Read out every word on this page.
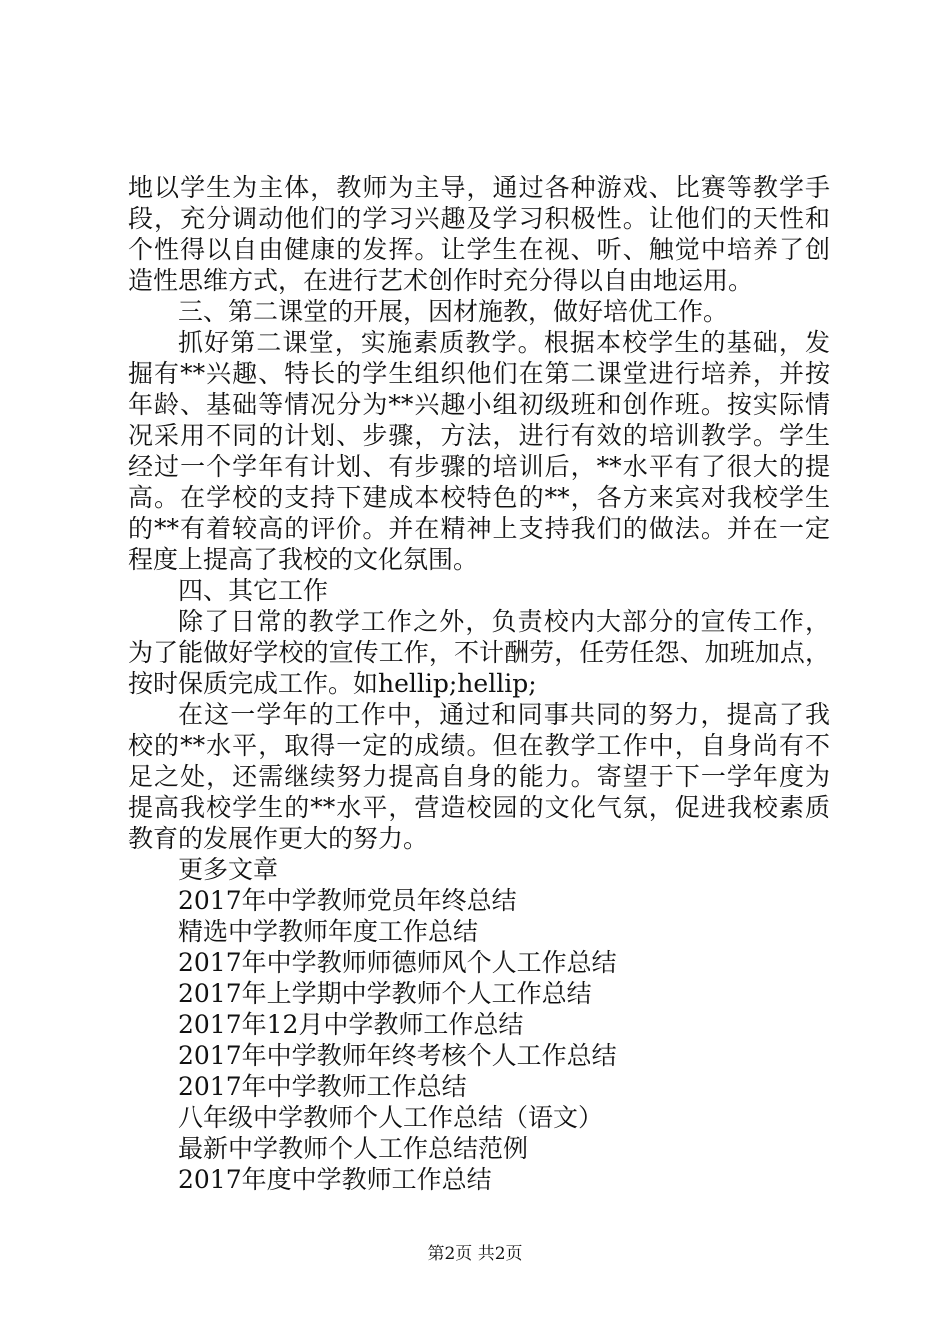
地以学生为主体，教师为主导，通过各种游戏、比赛等教学手
段，充分调动他们的学习兴趣及学习积极性。让他们的天性和
个性得以自由健康的发挥。让学生在视、听、触觉中培养了创
造性思维方式，在进行艺术创作时充分得以自由地运用。
三、第二课堂的开展，因材施教，做好培优工作。
抓好第二课堂，实施素质教学。根据本校学生的基础，发
掘有**兴趣、特长的学生组织他们在第二课堂进行培养，并按
年龄、基础等情况分为**兴趣小组初级班和创作班。按实际情
况采用不同的计划、步骤，方法，进行有效的培训教学。学生
经过一个学年有计划、有步骤的培训后，**水平有了很大的提
高。在学校的支持下建成本校特色的**，各方来宾对我校学生
的**有着较高的评价。并在精神上支持我们的做法。并在一定
程度上提高了我校的文化氛围。
四、其它工作
除了日常的教学工作之外，负责校内大部分的宣传工作，
为了能做好学校的宣传工作，不计酬劳，任劳任怨、加班加点，
按时保质完成工作。如hellip;hellip;
在这一学年的工作中，通过和同事共同的努力，提高了我
校的**水平，取得一定的成绩。但在教学工作中，自身尚有不
足之处，还需继续努力提高自身的能力。寄望于下一学年度为
提高我校学生的**水平，营造校园的文化气氛，促进我校素质
教育的发展作更大的努力。
更多文章
2017年中学教师党员年终总结
精选中学教师年度工作总结
2017年中学教师师德师风个人工作总结
2017年上学期中学教师个人工作总结
2017年12月中学教师工作总结
2017年中学教师年终考核个人工作总结
2017年中学教师工作总结
八年级中学教师个人工作总结（语文）
最新中学教师个人工作总结范例
2017年度中学教师工作总结
第2页 共2页
